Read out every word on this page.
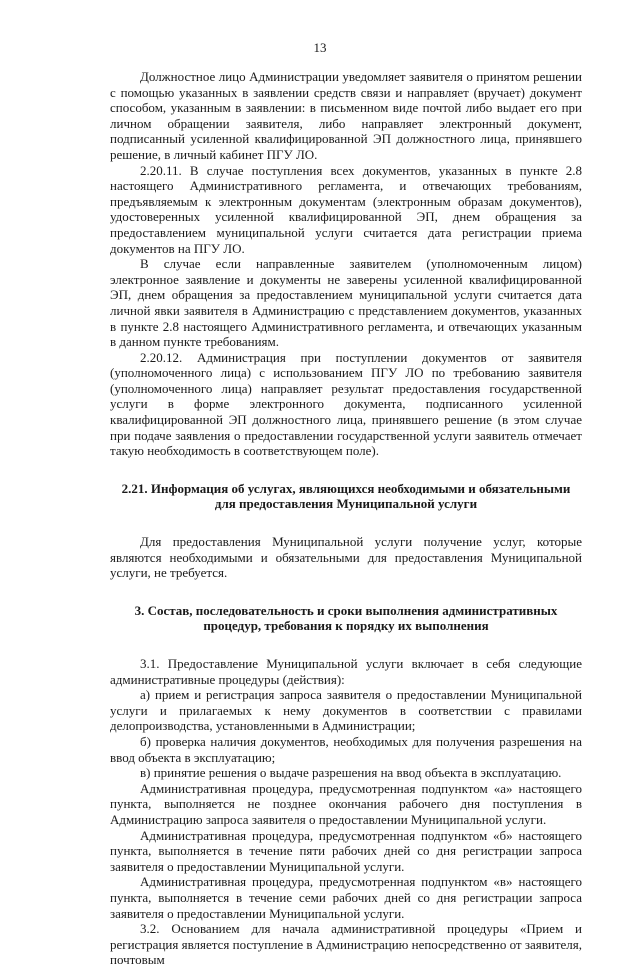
13

Должностное лицо Администрации уведомляет заявителя о принятом решении с помощью указанных в заявлении средств связи и направляет (вручает) документ способом, указанным в заявлении: в письменном виде почтой либо выдает его при личном обращении заявителя, либо направляет электронный документ, подписанный усиленной квалифицированной ЭП должностного лица, принявшего решение, в личный кабинет ПГУ ЛО.

2.20.11. В случае поступления всех документов, указанных в пункте 2.8 настоящего Административного регламента, и отвечающих требованиям, предъявляемым к электронным документам (электронным образам документов), удостоверенных усиленной квалифицированной ЭП, днем обращения за предоставлением муниципальной услуги считается дата регистрации приема документов на ПГУ ЛО.

В случае если направленные заявителем (уполномоченным лицом) электронное заявление и документы не заверены усиленной квалифицированной ЭП, днем обращения за предоставлением муниципальной услуги считается дата личной явки заявителя в Администрацию с представлением документов, указанных в пункте 2.8 настоящего Административного регламента, и отвечающих указанным в данном пункте требованиям.

2.20.12. Администрация при поступлении документов от заявителя (уполномоченного лица) с использованием ПГУ ЛО по требованию заявителя (уполномоченного лица) направляет результат предоставления государственной услуги в форме электронного документа, подписанного усиленной квалифицированной ЭП должностного лица, принявшего решение (в этом случае при подаче заявления о предоставлении государственной услуги заявитель отмечает такую необходимость в соответствующем поле).

2.21. Информация об услугах, являющихся необходимыми и обязательными
для предоставления Муниципальной услуги

Для предоставления Муниципальной услуги получение услуг, которые являются необходимыми и обязательными для предоставления Муниципальной услуги, не требуется.

3. Состав, последовательность и сроки выполнения административных
процедур, требования к порядку их выполнения

3.1. Предоставление Муниципальной услуги включает в себя следующие административные процедуры (действия):

а) прием и регистрация запроса заявителя о предоставлении Муниципальной услуги и прилагаемых к нему документов в соответствии с правилами делопроизводства, установленными в Администрации;

б) проверка наличия документов, необходимых для получения разрешения на ввод объекта в эксплуатацию;

в) принятие решения о выдаче разрешения на ввод объекта в эксплуатацию.

Административная процедура, предусмотренная подпунктом «а» настоящего пункта, выполняется не позднее окончания рабочего дня поступления в Администрацию запроса заявителя о предоставлении Муниципальной услуги.

Административная процедура, предусмотренная подпунктом «б» настоящего пункта, выполняется в течение пяти рабочих дней со дня регистрации запроса заявителя о предоставлении Муниципальной услуги.

Административная процедура, предусмотренная подпунктом «в» настоящего пункта, выполняется в течение семи рабочих дней со дня регистрации запроса заявителя о предоставлении Муниципальной услуги.

3.2. Основанием для начала административной процедуры «Прием и регистрация является поступление в Администрацию непосредственно от заявителя, почтовым
